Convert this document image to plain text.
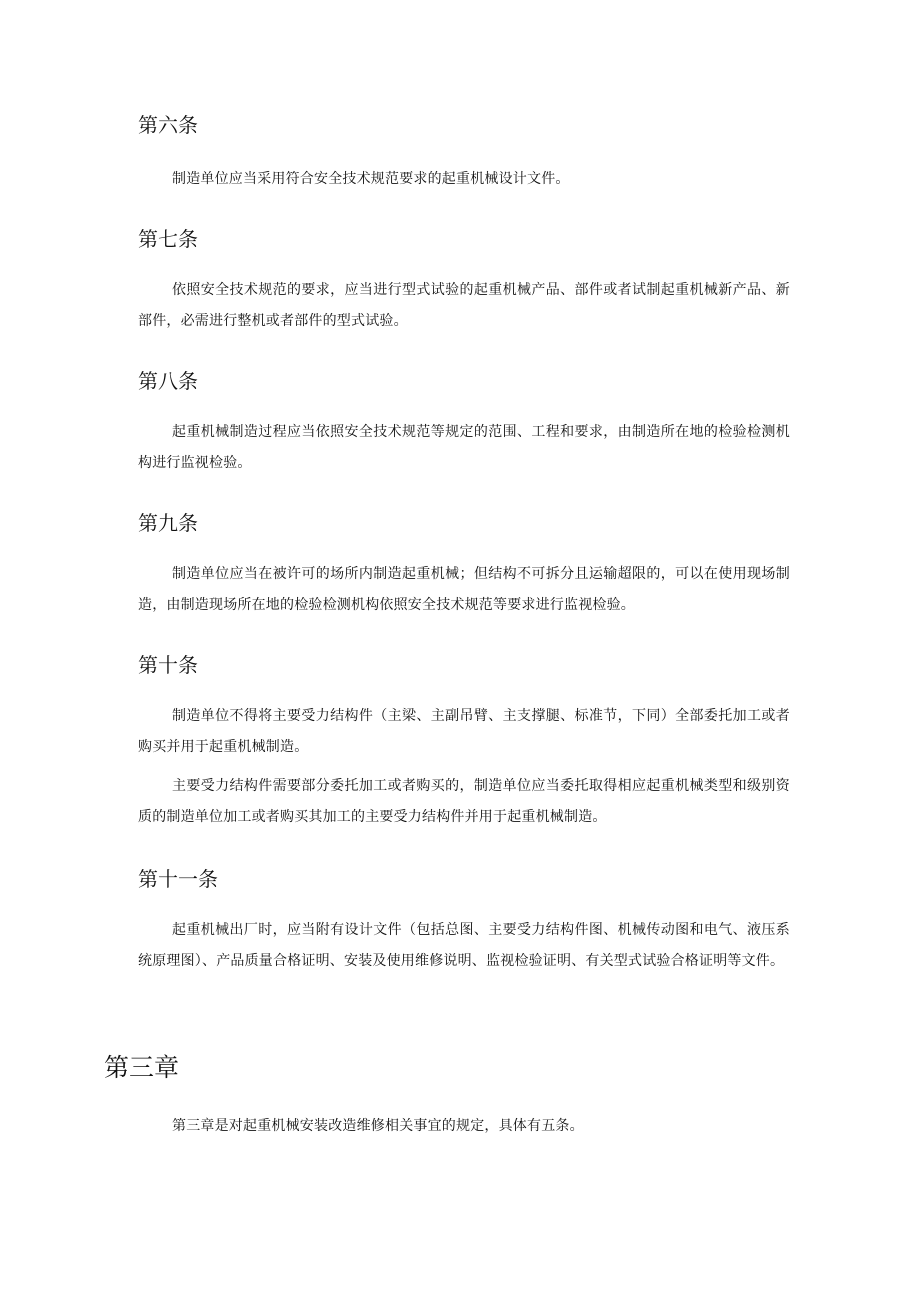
第六条

制造单位应当采用符合安全技术规范要求的起重机械设计文件。

第七条

依照安全技术规范的要求，应当进行型式试验的起重机械产品、部件或者试制起重机械新产品、新部件，必需进行整机或者部件的型式试验。

第八条

起重机械制造过程应当依照安全技术规范等规定的范围、工程和要求，由制造所在地的检验检测机构进行监视检验。

第九条

制造单位应当在被许可的场所内制造起重机械；但结构不可拆分且运输超限的，可以在使用现场制造，由制造现场所在地的检验检测机构依照安全技术规范等要求进行监视检验。

第十条

制造单位不得将主要受力结构件（主梁、主副吊臂、主支撑腿、标准节，下同）全部委托加工或者购买并用于起重机械制造。

主要受力结构件需要部分委托加工或者购买的，制造单位应当委托取得相应起重机械类型和级别资质的制造单位加工或者购买其加工的主要受力结构件并用于起重机械制造。

第十一条

起重机械出厂时，应当附有设计文件（包括总图、主要受力结构件图、机械传动图和电气、液压系统原理图）、产品质量合格证明、安装及使用维修说明、监视检验证明、有关型式试验合格证明等文件。

第三章

第三章是对起重机械安装改造维修相关事宜的规定，具体有五条。
